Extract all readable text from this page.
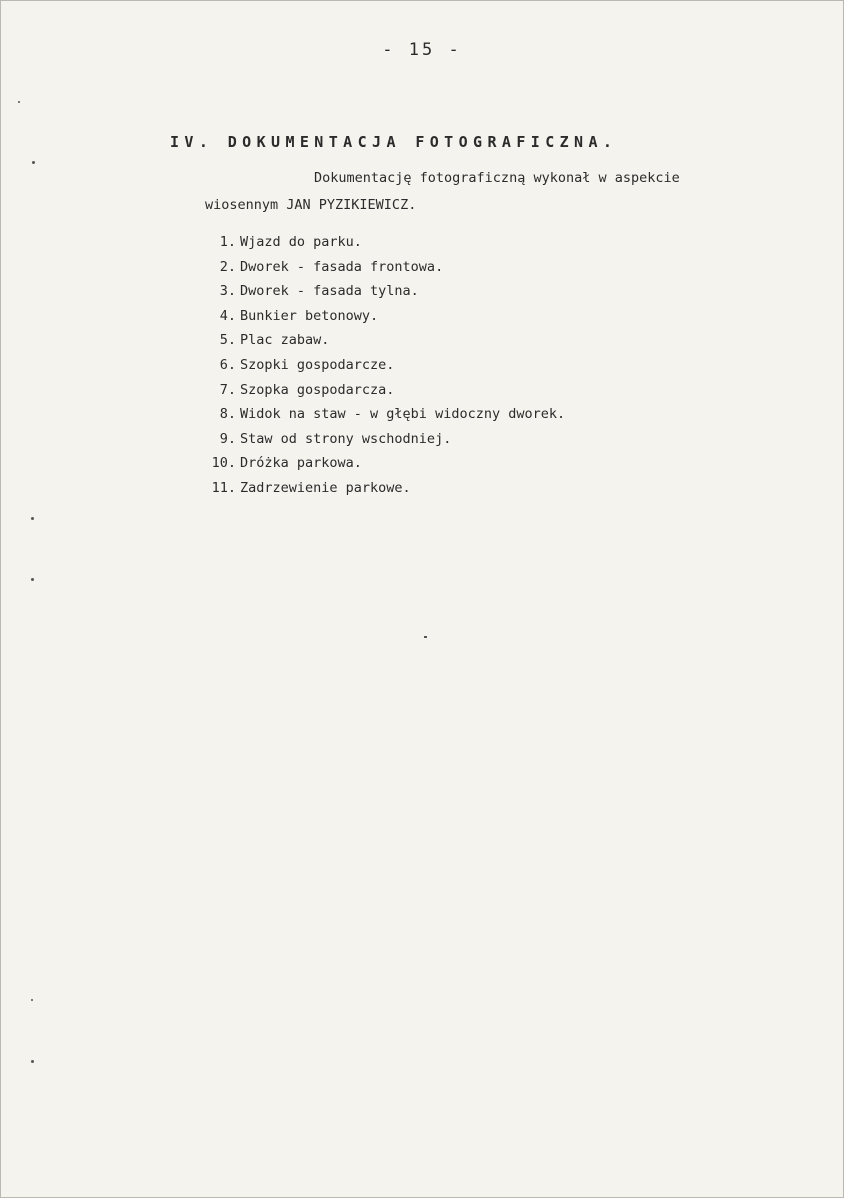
- 15 -
IV. DOKUMENTACJA FOTOGRAFICZNA.
Dokumentację fotograficzną wykonał w aspekcie
wiosennym JAN PYZIKIEWICZ.
1. Wjazd do parku.
2. Dworek - fasada frontowa.
3. Dworek - fasada tylna.
4. Bunkier betonowy.
5. Plac zabaw.
6. Szopki gospodarcze.
7. Szopka gospodarcza.
8. Widok na staw - w głębi widoczny dworek.
9. Staw od strony wschodniej.
10. Dróżka parkowa.
11. Zadrzewienie parkowe.
